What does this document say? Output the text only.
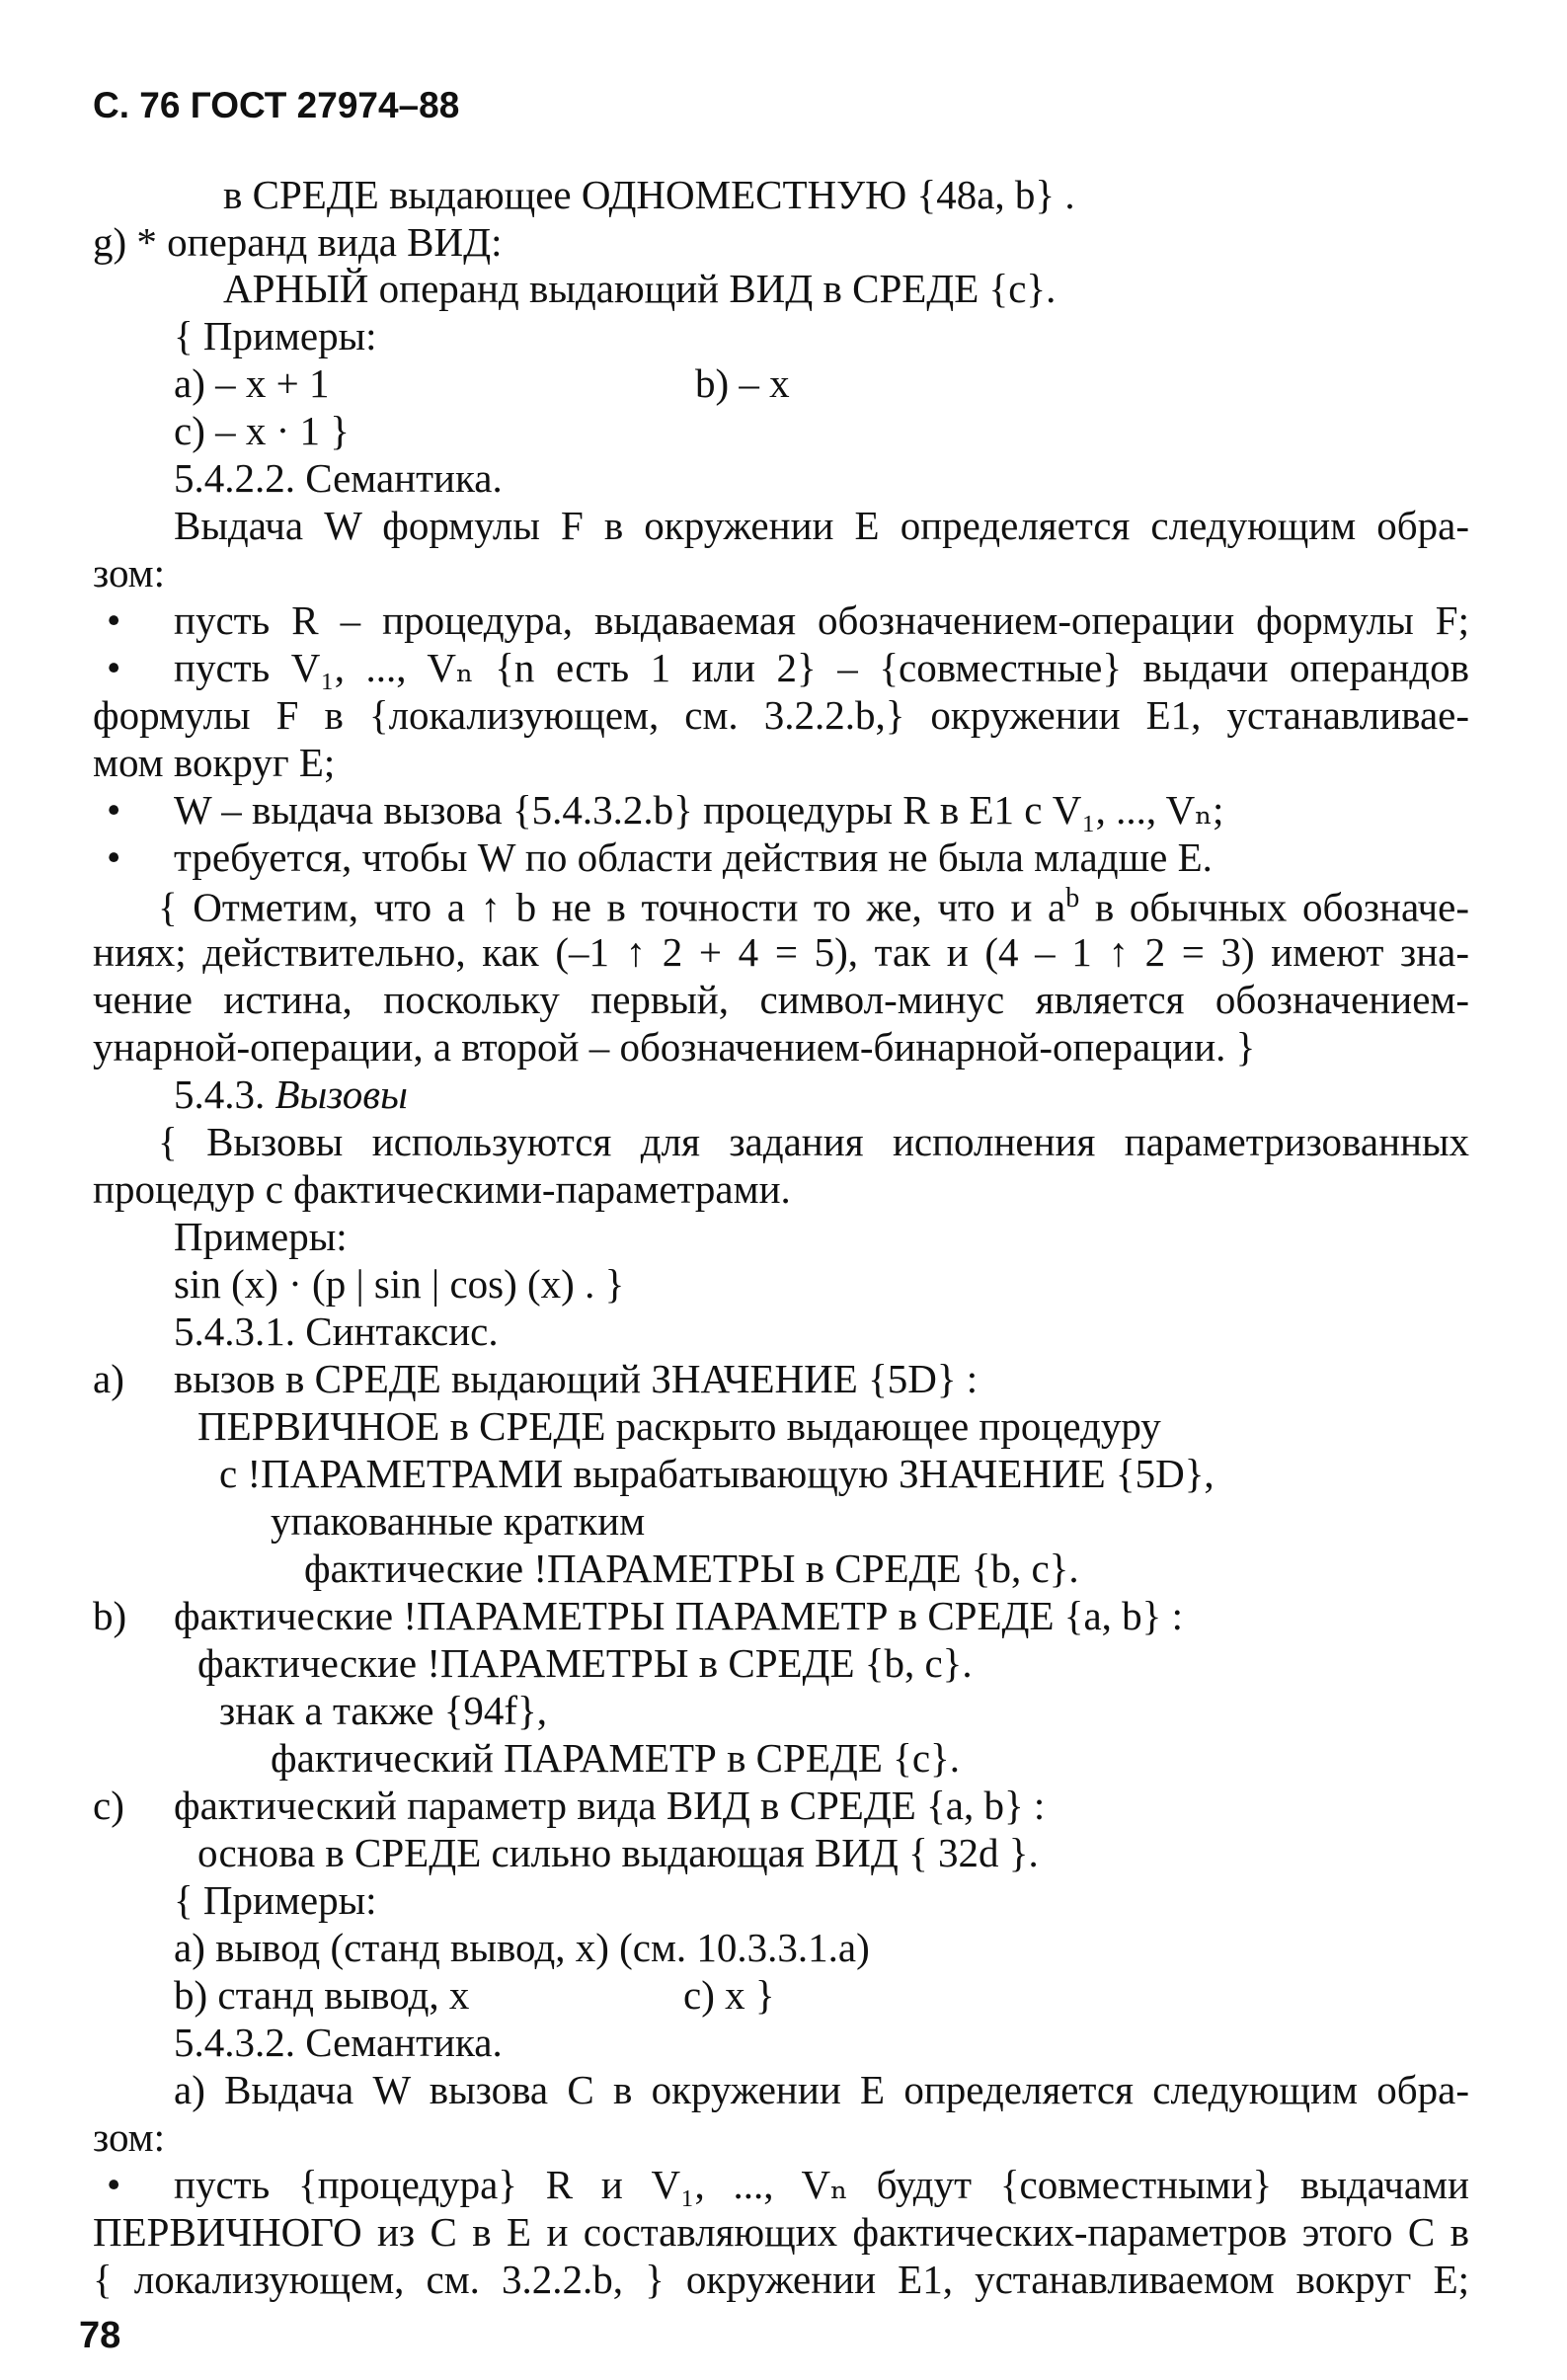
С. 76 ГОСТ 27974–88
в СРЕДЕ выдающее ОДНОМЕСТНУЮ {48a, b} .
g) * операнд вида ВИД:
АРНЫЙ операнд выдающий ВИД в СРЕДЕ {c}.
{ Примеры:
a) – x + 1	b) – x
c) – x · 1 }
5.4.2.2. Семантика.
Выдача W формулы F в окружении E определяется следующим обра-
зом:
• пусть R – процедура, выдаваемая обозначением-операции формулы F;
• пусть V₁, ..., Vₙ {n есть 1 или 2} – {совместные} выдачи операндов
формулы F в {локализующем, см. 3.2.2.b,} окружении E1, устанавливае-
мом вокруг E;
• W – выдача вызова {5.4.3.2.b} процедуры R в E1 с V₁, ..., Vₙ;
• требуется, чтобы W по области действия не была младше E.
{ Отметим, что a ↑ b не в точности то же, что и $a^b$ в обычных обозначе-
ниях; действительно, как (–1 ↑ 2 + 4 = 5), так и (4 – 1 ↑ 2 = 3) имеют зна-
чение истина, поскольку первый, символ-минус является обозначением-
унарной-операции, а второй – обозначением-бинарной-операции. }
5.4.3. Вызовы
{ Вызовы используются для задания исполнения параметризованных
процедур с фактическими-параметрами.
Примеры:
sin (x) · (p | sin | cos) (x) . }
5.4.3.1. Синтаксис.
a) вызов в СРЕДЕ выдающий ЗНАЧЕНИЕ {5D} :
ПЕРВИЧНОЕ в СРЕДЕ раскрыто выдающее процедуру
с !ПАРАМЕТРАМИ вырабатывающую ЗНАЧЕНИЕ {5D},
упакованные кратким
фактические !ПАРАМЕТРЫ в СРЕДЕ {b, c}.
b) фактические !ПАРАМЕТРЫ ПАРАМЕТР в СРЕДЕ {a, b} :
фактические !ПАРАМЕТРЫ в СРЕДЕ {b, c}.
знак а также {94f},
фактический ПАРАМЕТР в СРЕДЕ {c}.
c) фактический параметр вида ВИД в СРЕДЕ {a, b} :
основа в СРЕДЕ сильно выдающая ВИД { 32d }.
{ Примеры:
a) вывод (станд вывод, x) (см. 10.3.3.1.a)
b) станд вывод, x	c) x }
5.4.3.2. Семантика.
a) Выдача W вызова C в окружении E определяется следующим обра-
зом:
• пусть {процедура} R и V₁, ..., Vₙ будут {совместными} выдачами
ПЕРВИЧНОГО из C в E и составляющих фактических-параметров этого C в
{ локализующем, см. 3.2.2.b, } окружении E1, устанавливаемом вокруг E;
78
